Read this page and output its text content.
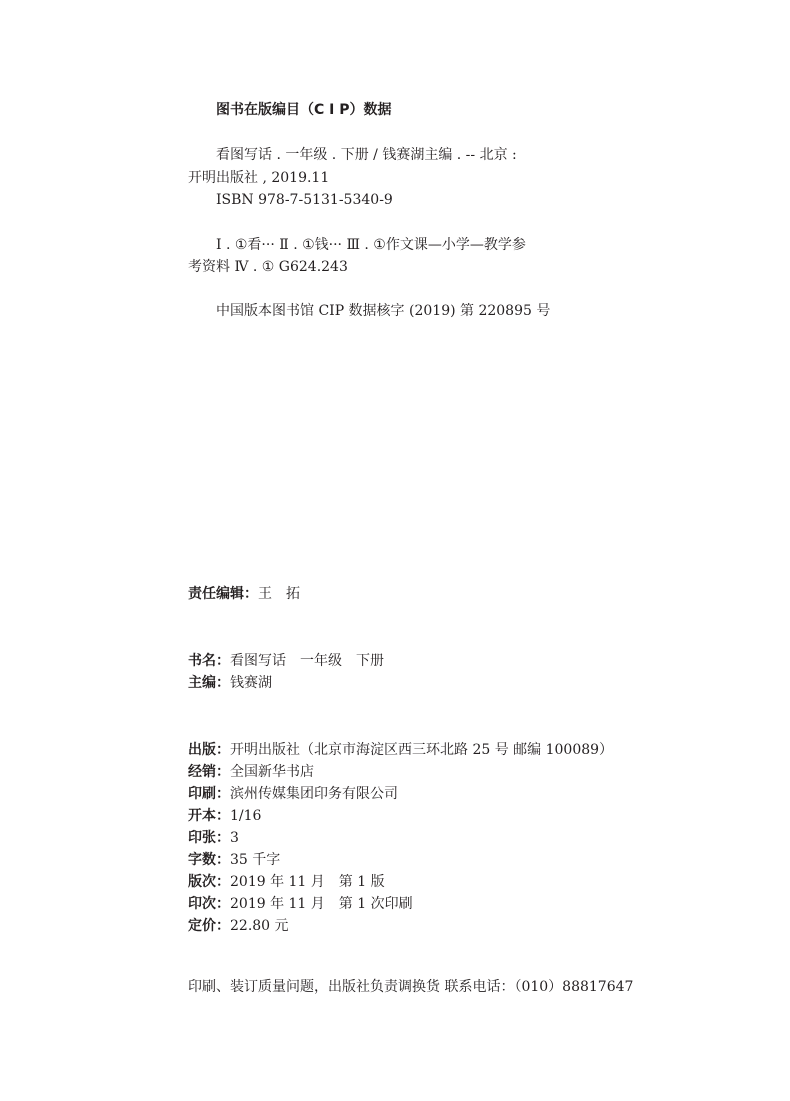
图书在版编目（C I P）数据
看图写话 . 一年级 . 下册 / 钱赛湖主编 . -- 北京 :
开明出版社 , 2019.11
ISBN 978-7-5131-5340-9
Ⅰ . ①看··· Ⅱ . ①钱··· Ⅲ . ①作文课—小学—教学参
考资料 Ⅳ . ① G624.243
中国版本图书馆 CIP 数据核字 (2019) 第 220895 号
责任编辑：王　拓
书名：看图写话　一年级　下册
主编：钱赛湖
出版：开明出版社（北京市海淀区西三环北路 25 号 邮编 100089）
经销：全国新华书店
印刷：滨州传媒集团印务有限公司
开本：1/16
印张：3
字数：35 千字
版次：2019 年 11 月　第 1 版
印次：2019 年 11 月　第 1 次印刷
定价：22.80 元
印刷、装订质量问题，出版社负责调换货 联系电话：（010）88817647
